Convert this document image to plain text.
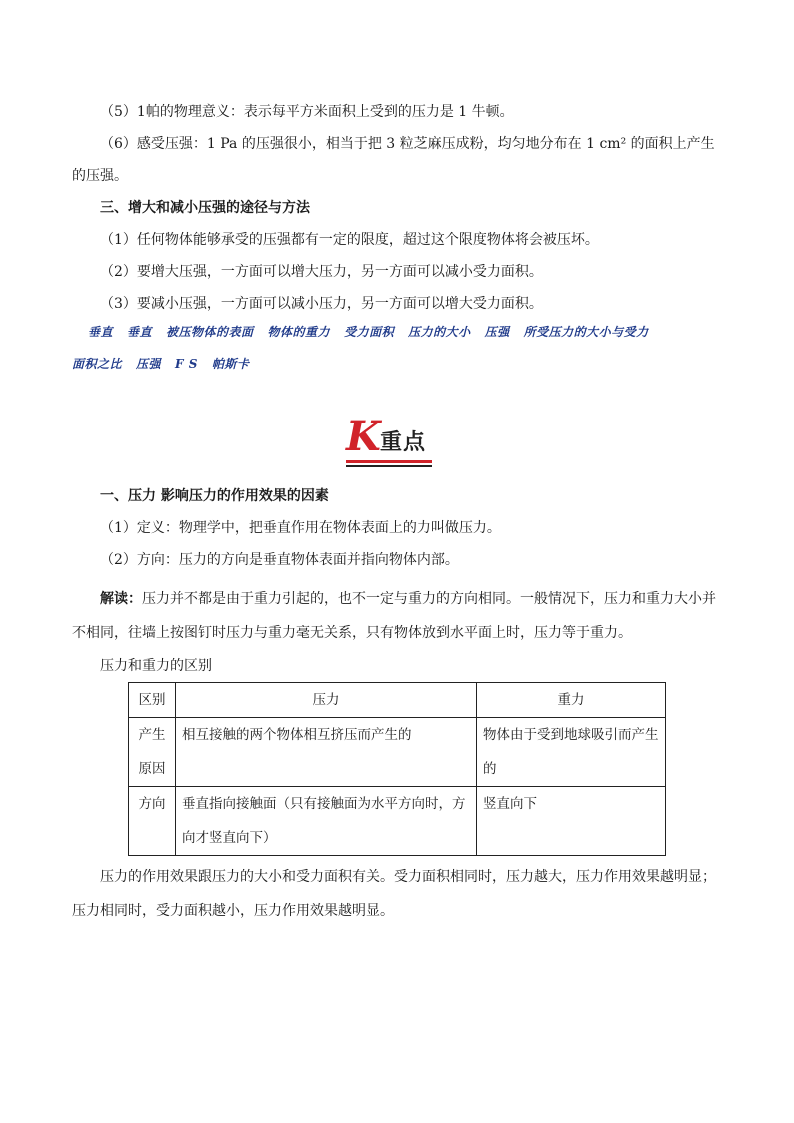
（5）1帕的物理意义：表示每平方米面积上受到的压力是 1 牛顿。

（6）感受压强：1 Pa 的压强很小，相当于把 3 粒芝麻压成粉，均匀地分布在 1 cm² 的面积上产生的压强。

三、增大和减小压强的途径与方法

（1）任何物体能够承受的压强都有一定的限度，超过这个限度物体将会被压坏。

（2）要增大压强，一方面可以增大压力，另一方面可以减小受力面积。

（3）要减小压强，一方面可以减小压力，另一方面可以增大受力面积。

垂直 垂直 被压物体的表面 物体的重力 受力面积 压力的大小 压强 所受压力的大小与受力
面积之比 压强 F S 帕斯卡
K 重点

一、压力 影响压力的作用效果的因素

（1）定义：物理学中，把垂直作用在物体表面上的力叫做压力。

（2）方向：压力的方向是垂直物体表面并指向物体内部。

解读：压力并不都是由于重力引起的，也不一定与重力的方向相同。一般情况下，压力和重力大小并不相同，往墙上按图钉时压力与重力毫无关系，只有物体放到水平面上时，压力等于重力。

压力和重力的区别

区别	压力	重力
产生原因	相互接触的两个物体相互挤压而产生的	物体由于受到地球吸引而产生的
方向	垂直指向接触面（只有接触面为水平方向时，方向才竖直向下）	竖直向下

压力的作用效果跟压力的大小和受力面积有关。受力面积相同时，压力越大，压力作用效果越明显；压力相同时，受力面积越小，压力作用效果越明显。
